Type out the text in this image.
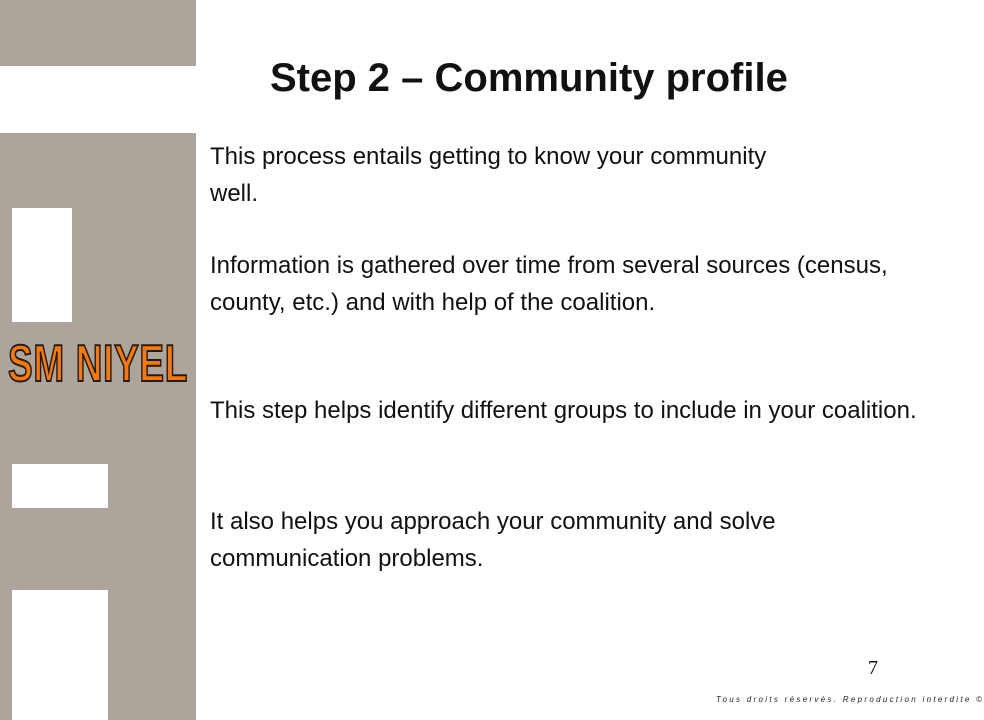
SM NIYEL
Step 2 – Community profile

This process entails getting to know your community well.

Information is gathered over time from several sources (census, county, etc.) and with help of the coalition.

This step helps identify different groups to include in your coalition.

It also helps you approach your community and solve communication problems.

7
Tous droits réservés. Reproduction interdite ©
